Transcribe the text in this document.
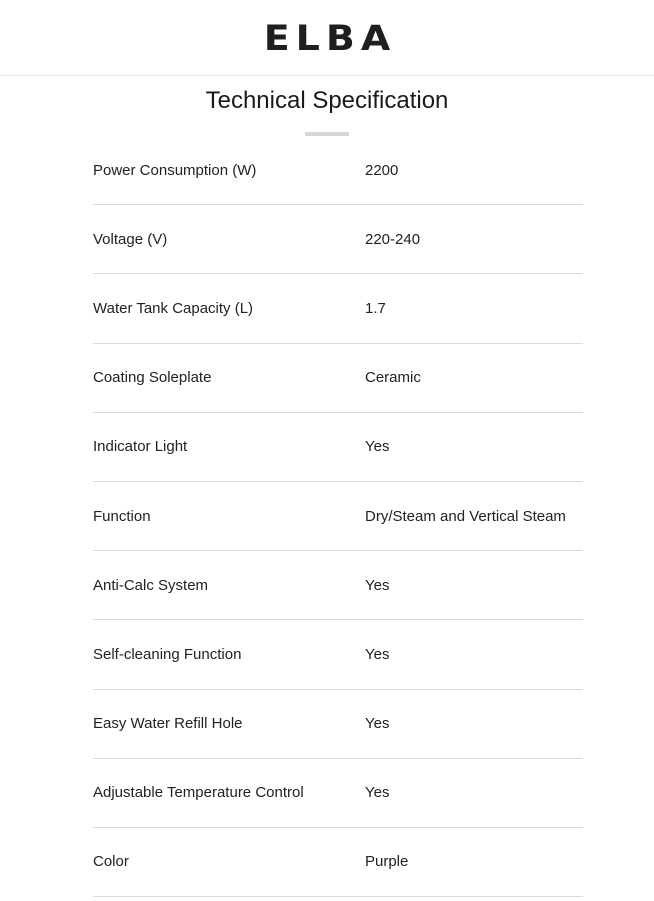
ELBA
Technical Specification
Power Consumption (W)	2200
Voltage (V)	220-240
Water Tank Capacity (L)	1.7
Coating Soleplate	Ceramic
Indicator Light	Yes
Function	Dry/Steam and Vertical Steam
Anti-Calc System	Yes
Self-cleaning Function	Yes
Easy Water Refill Hole	Yes
Adjustable Temperature Control	Yes
Color	Purple
